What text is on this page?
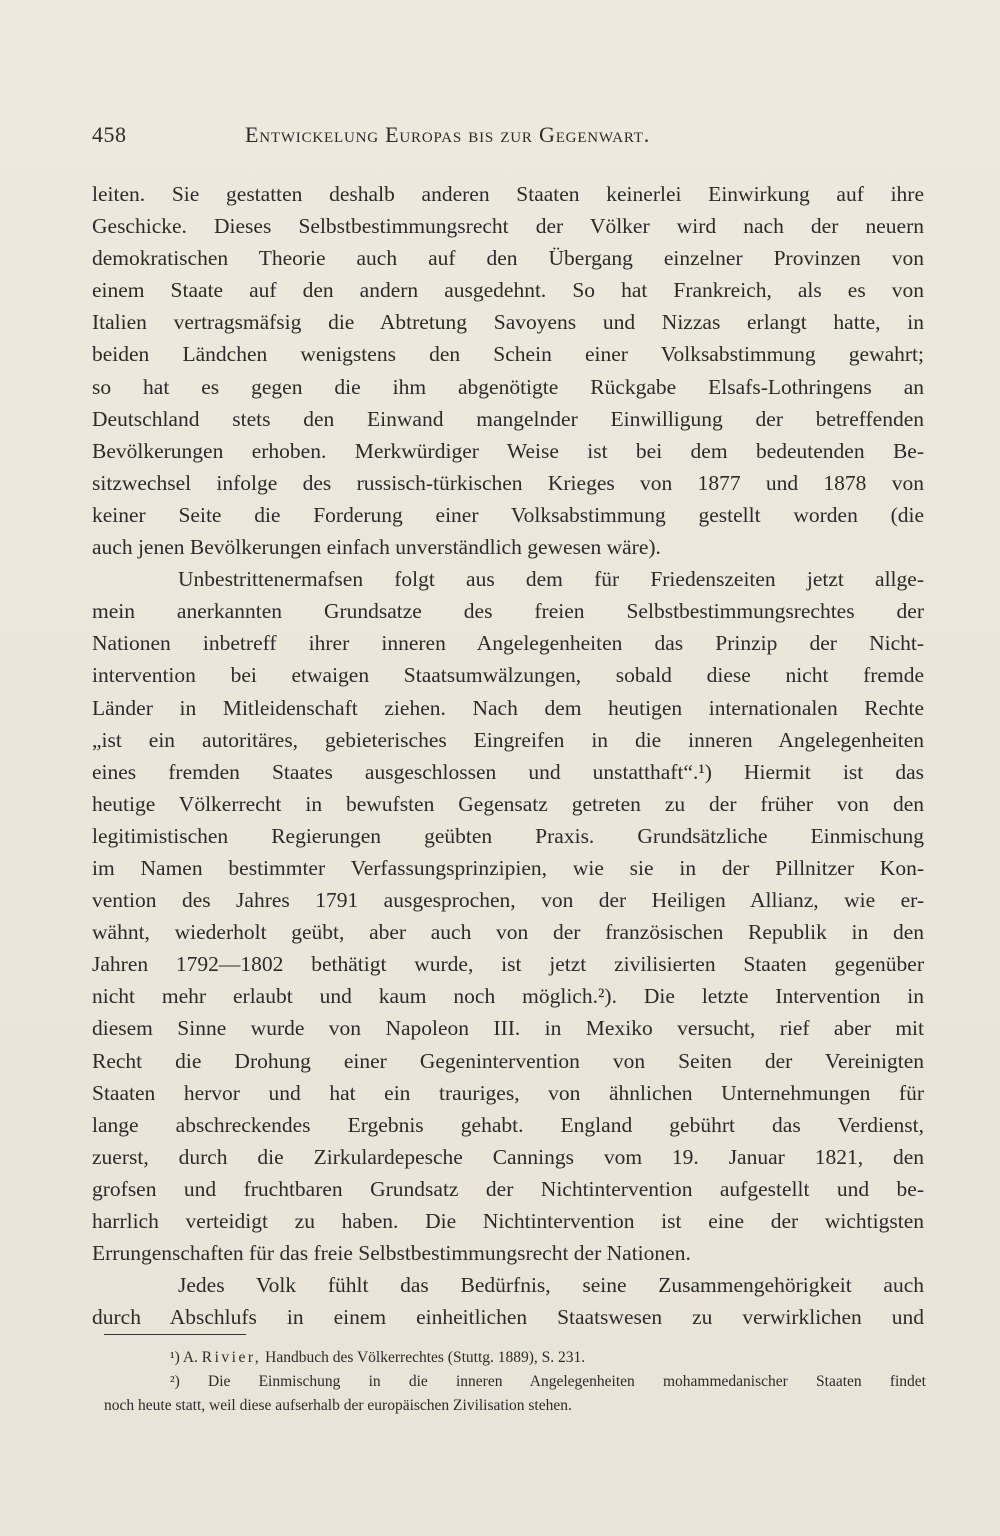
458	Entwickelung Europas bis zur Gegenwart.
leiten. Sie gestatten deshalb anderen Staaten keinerlei Einwirkung auf ihre
Geschicke. Dieses Selbstbestimmungsrecht der Völker wird nach der neuern
demokratischen Theorie auch auf den Übergang einzelner Provinzen von
einem Staate auf den andern ausgedehnt. So hat Frankreich, als es von
Italien vertragsmäfsig die Abtretung Savoyens und Nizzas erlangt hatte, in
beiden Ländchen wenigstens den Schein einer Volksabstimmung gewahrt;
so hat es gegen die ihm abgenötigte Rückgabe Elsafs-Lothringens an
Deutschland stets den Einwand mangelnder Einwilligung der betreffenden
Bevölkerungen erhoben. Merkwürdiger Weise ist bei dem bedeutenden Be-
sitzwechsel infolge des russisch-türkischen Krieges von 1877 und 1878 von
keiner Seite die Forderung einer Volksabstimmung gestellt worden (die
auch jenen Bevölkerungen einfach unverständlich gewesen wäre).
Unbestrittenermafsen folgt aus dem für Friedenszeiten jetzt allge-
mein anerkannten Grundsatze des freien Selbstbestimmungsrechtes der
Nationen inbetreff ihrer inneren Angelegenheiten das Prinzip der Nicht-
intervention bei etwaigen Staatsumwälzungen, sobald diese nicht fremde
Länder in Mitleidenschaft ziehen. Nach dem heutigen internationalen Rechte
„ist ein autoritäres, gebieterisches Eingreifen in die inneren Angelegenheiten
eines fremden Staates ausgeschlossen und unstatthaft“.¹) Hiermit ist das
heutige Völkerrecht in bewufsten Gegensatz getreten zu der früher von den
legitimistischen Regierungen geübten Praxis. Grundsätzliche Einmischung
im Namen bestimmter Verfassungsprinzipien, wie sie in der Pillnitzer Kon-
vention des Jahres 1791 ausgesprochen, von der Heiligen Allianz, wie er-
wähnt, wiederholt geübt, aber auch von der französischen Republik in den
Jahren 1792—1802 bethätigt wurde, ist jetzt zivilisierten Staaten gegenüber
nicht mehr erlaubt und kaum noch möglich.²). Die letzte Intervention in
diesem Sinne wurde von Napoleon III. in Mexiko versucht, rief aber mit
Recht die Drohung einer Gegenintervention von Seiten der Vereinigten
Staaten hervor und hat ein trauriges, von ähnlichen Unternehmungen für
lange abschreckendes Ergebnis gehabt. England gebührt das Verdienst,
zuerst, durch die Zirkulardepesche Cannings vom 19. Januar 1821, den
grofsen und fruchtbaren Grundsatz der Nichtintervention aufgestellt und be-
harrlich verteidigt zu haben. Die Nichtintervention ist eine der wichtigsten
Errungenschaften für das freie Selbstbestimmungsrecht der Nationen.
Jedes Volk fühlt das Bedürfnis, seine Zusammengehörigkeit auch
durch Abschlufs in einem einheitlichen Staatswesen zu verwirklichen und
¹) A. Rivier, Handbuch des Völkerrechtes (Stuttg. 1889), S. 231.
²) Die Einmischung in die inneren Angelegenheiten mohammedanischer Staaten findet
noch heute statt, weil diese aufserhalb der europäischen Zivilisation stehen.
